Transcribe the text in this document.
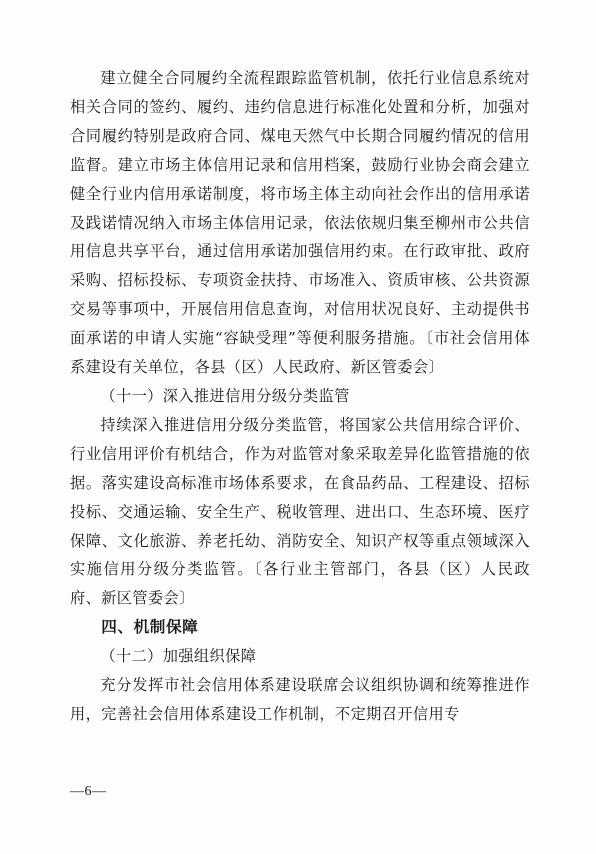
建立健全合同履约全流程跟踪监管机制，依托行业信息系统对相关合同的签约、履约、违约信息进行标准化处置和分析，加强对合同履约特别是政府合同、煤电天然气中长期合同履约情况的信用监督。建立市场主体信用记录和信用档案，鼓励行业协会商会建立健全行业内信用承诺制度，将市场主体主动向社会作出的信用承诺及践诺情况纳入市场主体信用记录，依法依规归集至柳州市公共信用信息共享平台，通过信用承诺加强信用约束。在行政审批、政府采购、招标投标、专项资金扶持、市场准入、资质审核、公共资源交易等事项中，开展信用信息查询，对信用状况良好、主动提供书面承诺的申请人实施“容缺受理”等便利服务措施。〔市社会信用体系建设有关单位，各县（区）人民政府、新区管委会〕

（十一）深入推进信用分级分类监管

持续深入推进信用分级分类监管，将国家公共信用综合评价、行业信用评价有机结合，作为对监管对象采取差异化监管措施的依据。落实建设高标准市场体系要求，在食品药品、工程建设、招标投标、交通运输、安全生产、税收管理、进出口、生态环境、医疗保障、文化旅游、养老托幼、消防安全、知识产权等重点领域深入实施信用分级分类监管。〔各行业主管部门，各县（区）人民政府、新区管委会〕

四、机制保障

（十二）加强组织保障

充分发挥市社会信用体系建设联席会议组织协调和统筹推进作用，完善社会信用体系建设工作机制，不定期召开信用专

—6—
